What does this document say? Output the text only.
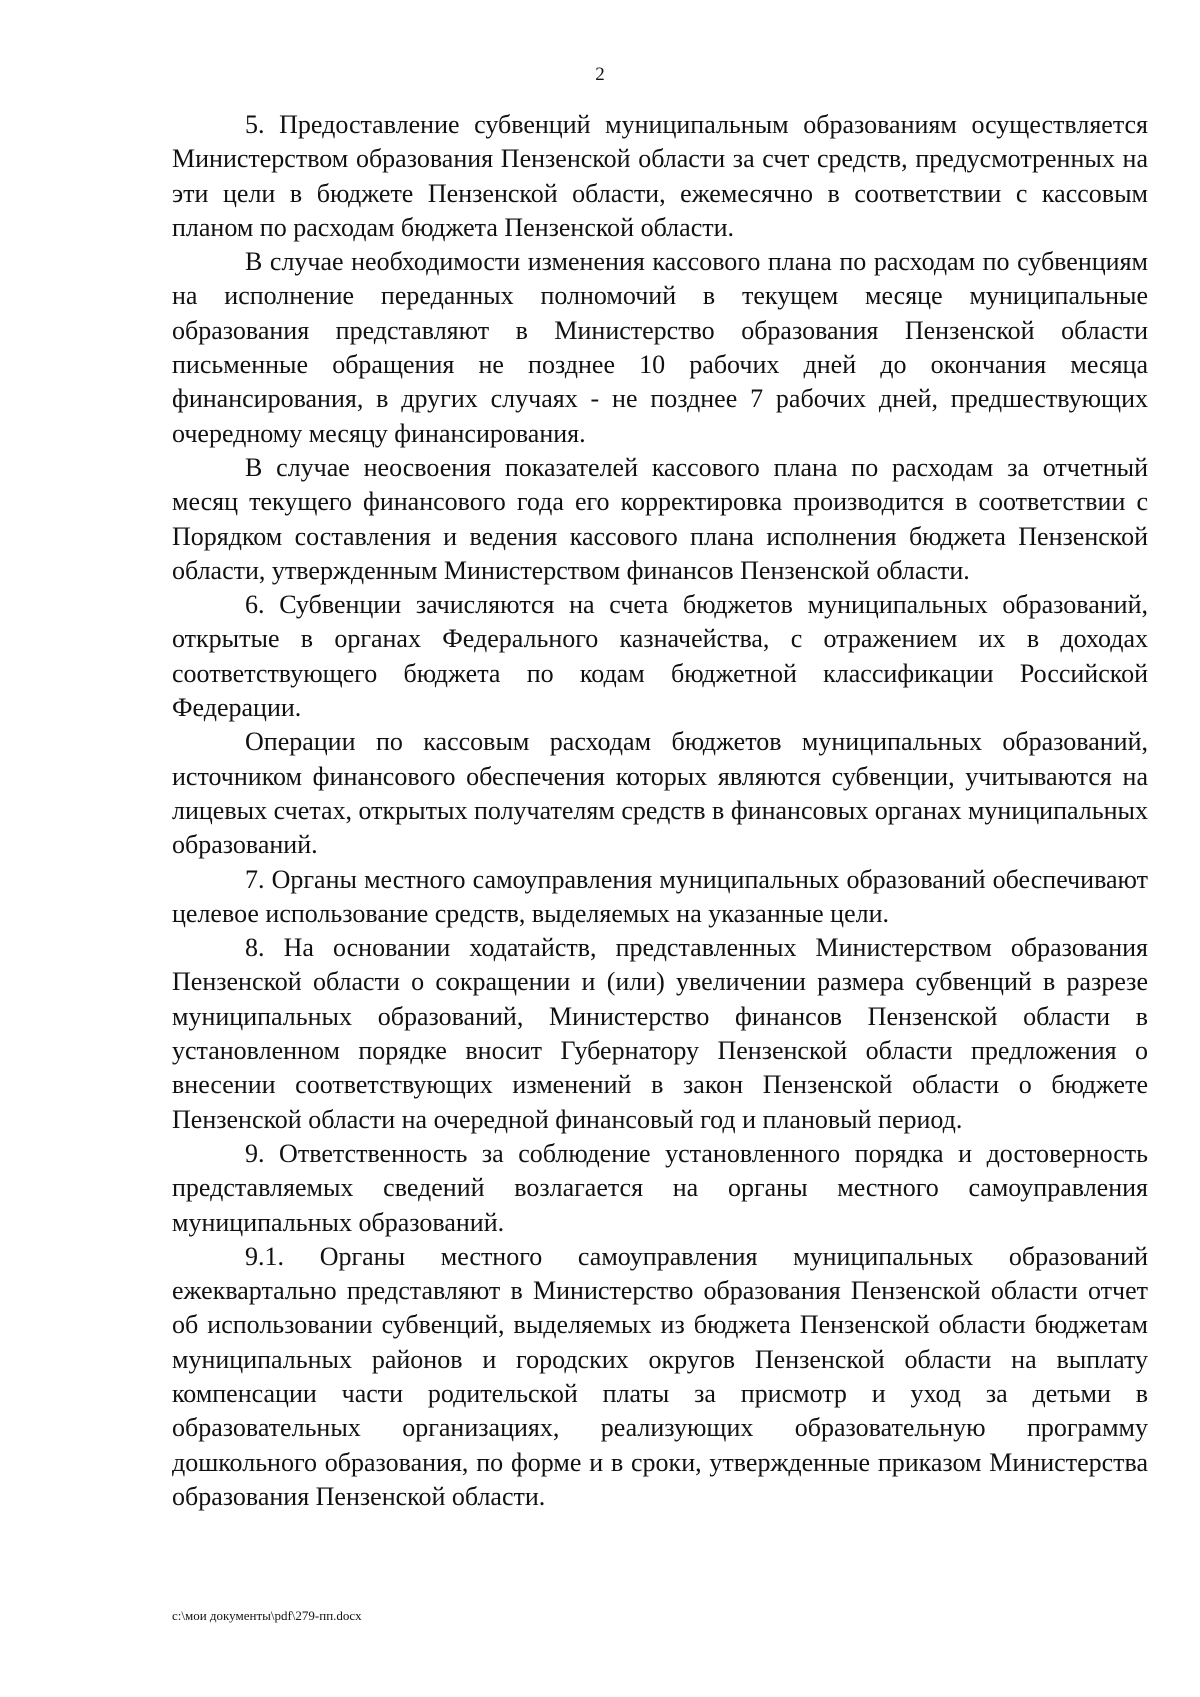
2

5. Предоставление субвенций муниципальным образованиям осуществляется Министерством образования Пензенской области за счет средств, предусмотренных на эти цели в бюджете Пензенской области, ежемесячно в соответствии с кассовым планом по расходам бюджета Пензенской области.

В случае необходимости изменения кассового плана по расходам по субвенциям на исполнение переданных полномочий в текущем месяце муниципальные образования представляют в Министерство образования Пензенской области письменные обращения не позднее 10 рабочих дней до окончания месяца финансирования, в других случаях - не позднее 7 рабочих дней, предшествующих очередному месяцу финансирования.

В случае неосвоения показателей кассового плана по расходам за отчетный месяц текущего финансового года его корректировка производится в соответствии с Порядком составления и ведения кассового плана исполнения бюджета Пензенской области, утвержденным Министерством финансов Пензенской области.

6. Субвенции зачисляются на счета бюджетов муниципальных образований, открытые в органах Федерального казначейства, с отражением их в доходах соответствующего бюджета по кодам бюджетной классификации Российской Федерации.

Операции по кассовым расходам бюджетов муниципальных образований, источником финансового обеспечения которых являются субвенции, учитываются на лицевых счетах, открытых получателям средств в финансовых органах муниципальных образований.

7. Органы местного самоуправления муниципальных образований обеспечивают целевое использование средств, выделяемых на указанные цели.

8. На основании ходатайств, представленных Министерством образования Пензенской области о сокращении и (или) увеличении размера субвенций в разрезе муниципальных образований, Министерство финансов Пензенской области в установленном порядке вносит Губернатору Пензенской области предложения о внесении соответствующих изменений в закон Пензенской области о бюджете Пензенской области на очередной финансовый год и плановый период.

9. Ответственность за соблюдение установленного порядка и достоверность представляемых сведений возлагается на органы местного самоуправления муниципальных образований.

9.1. Органы местного самоуправления муниципальных образований ежеквартально представляют в Министерство образования Пензенской области отчет об использовании субвенций, выделяемых из бюджета Пензенской области бюджетам муниципальных районов и городских округов Пензенской области на выплату компенсации части родительской платы за присмотр и уход за детьми в образовательных организациях, реализующих образовательную программу дошкольного образования, по форме и в сроки, утвержденные приказом Министерства образования Пензенской области.

c:\мои документы\pdf\279-пп.docx
